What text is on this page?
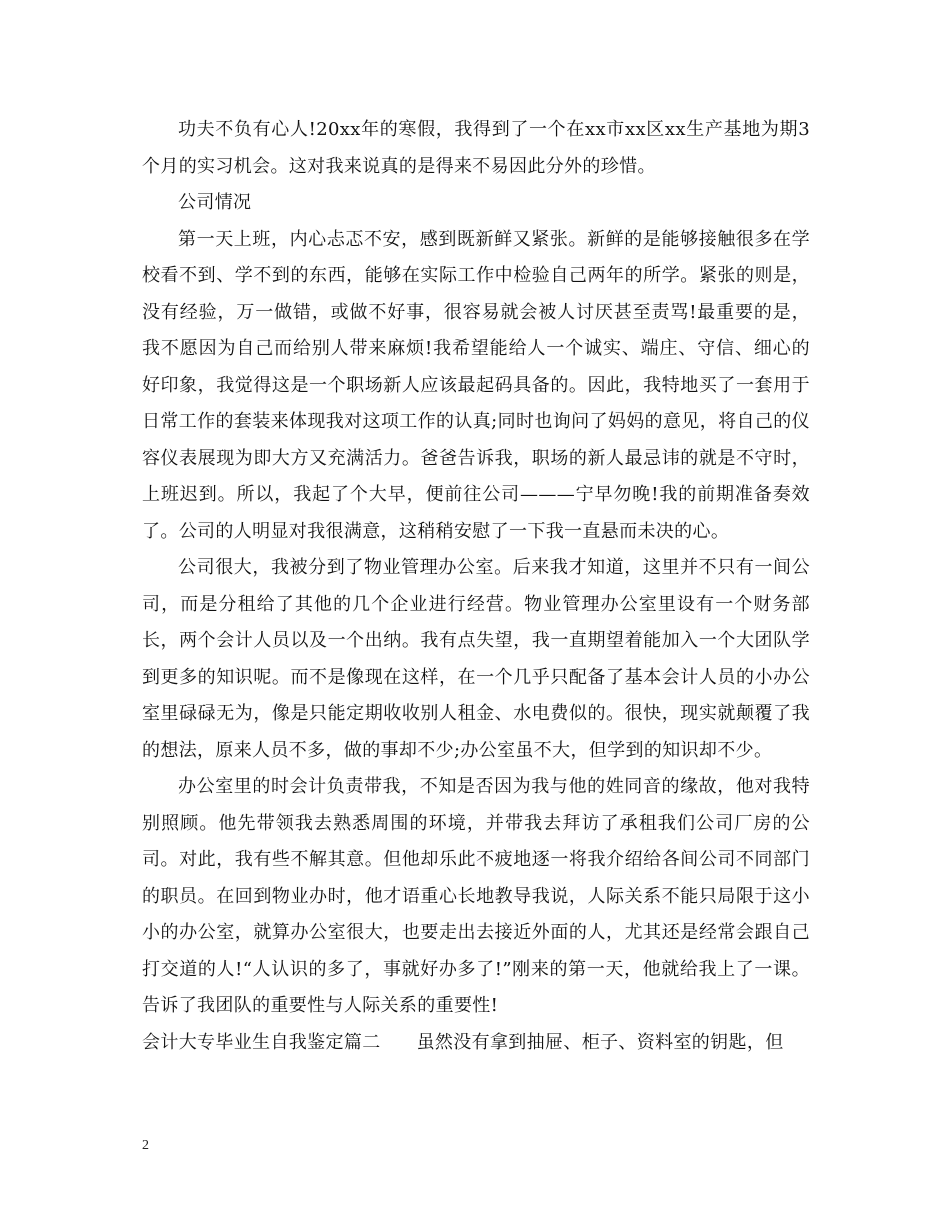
功夫不负有心人!20xx年的寒假，我得到了一个在xx市xx区xx生产基地为期3个月的实习机会。这对我来说真的是得来不易因此分外的珍惜。

公司情况

第一天上班，内心忐忑不安，感到既新鲜又紧张。新鲜的是能够接触很多在学校看不到、学不到的东西，能够在实际工作中检验自己两年的所学。紧张的则是，没有经验，万一做错，或做不好事，很容易就会被人讨厌甚至责骂!最重要的是，我不愿因为自己而给别人带来麻烦!我希望能给人一个诚实、端庄、守信、细心的好印象，我觉得这是一个职场新人应该最起码具备的。因此，我特地买了一套用于日常工作的套装来体现我对这项工作的认真;同时也询问了妈妈的意见，将自己的仪容仪表展现为即大方又充满活力。爸爸告诉我，职场的新人最忌讳的就是不守时，上班迟到。所以，我起了个大早，便前往公司———宁早勿晚!我的前期准备奏效了。公司的人明显对我很满意，这稍稍安慰了一下我一直悬而未决的心。

公司很大，我被分到了物业管理办公室。后来我才知道，这里并不只有一间公司，而是分租给了其他的几个企业进行经营。物业管理办公室里设有一个财务部长，两个会计人员以及一个出纳。我有点失望，我一直期望着能加入一个大团队学到更多的知识呢。而不是像现在这样，在一个几乎只配备了基本会计人员的小办公室里碌碌无为，像是只能定期收收别人租金、水电费似的。很快，现实就颠覆了我的想法，原来人员不多，做的事却不少;办公室虽不大，但学到的知识却不少。

办公室里的时会计负责带我，不知是否因为我与他的姓同音的缘故，他对我特别照顾。他先带领我去熟悉周围的环境，并带我去拜访了承租我们公司厂房的公司。对此，我有些不解其意。但他却乐此不疲地逐一将我介绍给各间公司不同部门的职员。在回到物业办时，他才语重心长地教导我说，人际关系不能只局限于这小小的办公室，就算办公室很大，也要走出去接近外面的人，尤其还是经常会跟自己打交道的人!“人认识的多了，事就好办多了!”刚来的第一天，他就给我上了一课。告诉了我团队的重要性与人际关系的重要性!

会计大专毕业生自我鉴定篇二 虽然没有拿到抽屉、柜子、资料室的钥匙，但

2
